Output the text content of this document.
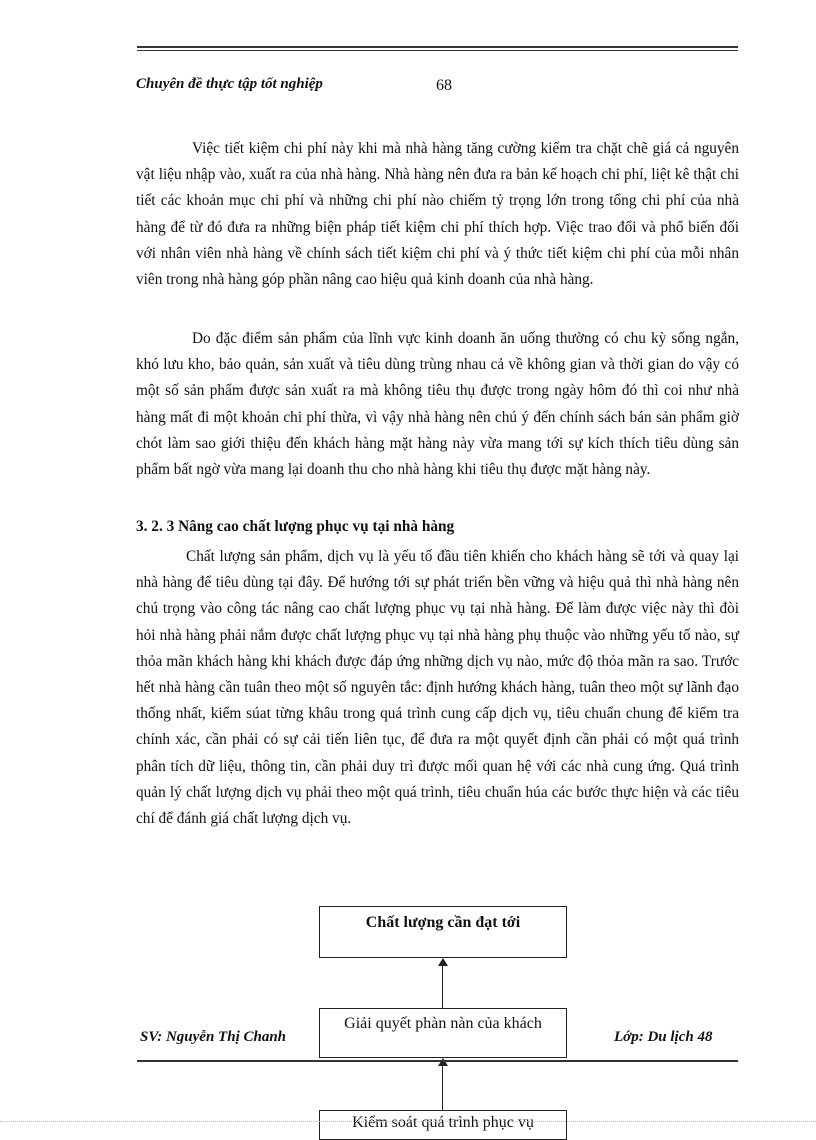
Chuyên đề thực tập tốt nghiệp	68

Việc tiết kiệm chi phí này khi mà nhà hàng tăng cường kiểm tra chặt chẽ giá cả nguyên vật liệu nhập vào, xuất ra của nhà hàng. Nhà hàng nên đưa ra bản kế hoạch chi phí, liệt kê thật chi tiết các khoản mục chi phí và những chi phí nào chiếm tỷ trọng lớn trong tổng chi phí của nhà hàng để từ đó đưa ra những biện pháp tiết kiệm chi phí thích hợp. Việc trao đổi và phổ biến đối với nhân viên nhà hàng về chính sách tiết kiệm chi phí và ý thức tiết kiệm chi phí của mỗi nhân viên trong nhà hàng góp phần nâng cao hiệu quả kinh doanh của nhà hàng.

Do đặc điểm sản phẩm của lĩnh vực kinh doanh ăn uống thường có chu kỳ sống ngắn, khó lưu kho, bảo quản, sản xuất và tiêu dùng trùng nhau cả về không gian và thời gian do vậy có một số sản phẩm được sản xuất ra mà không tiêu thụ được trong ngày hôm đó thì coi như nhà hàng mất đi một khoản chi phí thừa, vì vậy nhà hàng nên chú ý đến chính sách bán sản phẩm giờ chót làm sao giới thiệu đến khách hàng mặt hàng này vừa mang tới sự kích thích tiêu dùng sản phẩm bất ngờ vừa mang lại doanh thu cho nhà hàng khi tiêu thụ được mặt hàng này.

3. 2. 3 Nâng cao chất lượng phục vụ tại nhà hàng

Chất lượng sản phẩm, dịch vụ là yếu tố đầu tiên khiến cho khách hàng sẽ tới và quay lại nhà hàng để tiêu dùng tại đây. Để hướng tới sự phát triển bền vững và hiệu quả thì nhà hàng nên chú trọng vào công tác nâng cao chất lượng phục vụ tại nhà hàng. Để làm được việc này thì đòi hỏi nhà hàng phải nắm được chất lượng phục vụ tại nhà hàng phụ thuộc vào những yếu tố nào, sự thỏa mãn khách hàng khi khách được đáp ứng những dịch vụ nào, mức độ thỏa mãn ra sao. Trước hết nhà hàng cần tuân theo một số nguyên tắc: định hướng khách hàng, tuân theo một sự lãnh đạo thống nhất, kiểm súat từng khâu trong quá trình cung cấp dịch vụ, tiêu chuẩn chung để kiểm tra chính xác, cần phải có sự cải tiến liên tục, để đưa ra một quyết định cần phải có một quá trình phân tích dữ liệu, thông tin, cần phải duy trì được mối quan hệ với các nhà cung ứng. Quá trình quản lý chất lượng dịch vụ phải theo một quá trình, tiêu chuẩn húa các bước thực hiện và các tiêu chí để đánh giá chất lượng dịch vụ.

Chất lượng cần đạt tới
Giải quyết phàn nàn của khách
Kiểm soát quá trình phục vụ
SV: Nguyễn Thị Chanh	Lớp: Du lịch 48
